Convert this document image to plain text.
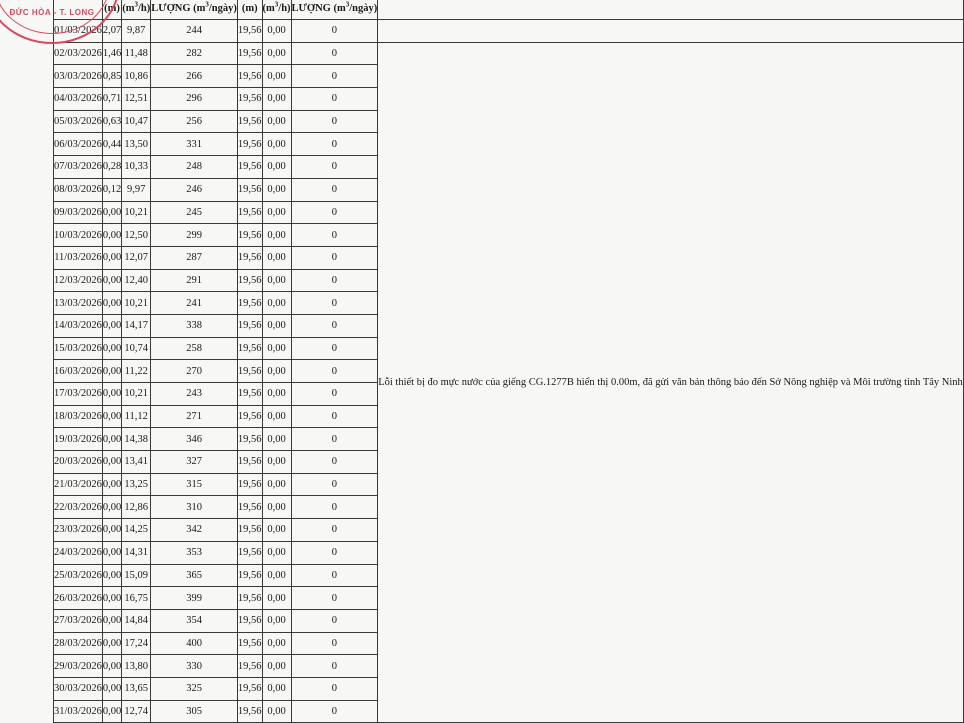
	(m)	$(m^3/h)$	LƯỢNG $(m^3/ngày)$	(m)	$(m^3/h)$	LƯỢNG $(m^3/ngày)$	
01/03/2026	2,07	9,87	244	19,56	0,00	0	
02/03/2026	1,46	11,48	282	19,56	0,00	0	Lỗi thiết bị đo mực nước của giếng CG.1277B hiển thị 0.00m, đã gửi văn bản thông báo đến Sở Nông nghiệp và Môi trường tỉnh Tây Ninh
03/03/2026	0,85	10,86	266	19,56	0,00	0	
04/03/2026	0,71	12,51	296	19,56	0,00	0	
05/03/2026	0,63	10,47	256	19,56	0,00	0	
06/03/2026	0,44	13,50	331	19,56	0,00	0	
07/03/2026	0,28	10,33	248	19,56	0,00	0	
08/03/2026	0,12	9,97	246	19,56	0,00	0	
09/03/2026	0,00	10,21	245	19,56	0,00	0	
10/03/2026	0,00	12,50	299	19,56	0,00	0	
11/03/2026	0,00	12,07	287	19,56	0,00	0	
12/03/2026	0,00	12,40	291	19,56	0,00	0	
13/03/2026	0,00	10,21	241	19,56	0,00	0	
14/03/2026	0,00	14,17	338	19,56	0,00	0	
15/03/2026	0,00	10,74	258	19,56	0,00	0	
16/03/2026	0,00	11,22	270	19,56	0,00	0	
17/03/2026	0,00	10,21	243	19,56	0,00	0	
18/03/2026	0,00	11,12	271	19,56	0,00	0	
19/03/2026	0,00	14,38	346	19,56	0,00	0	
20/03/2026	0,00	13,41	327	19,56	0,00	0	
21/03/2026	0,00	13,25	315	19,56	0,00	0	
22/03/2026	0,00	12,86	310	19,56	0,00	0	
23/03/2026	0,00	14,25	342	19,56	0,00	0	
24/03/2026	0,00	14,31	353	19,56	0,00	0	
25/03/2026	0,00	15,09	365	19,56	0,00	0	
26/03/2026	0,00	16,75	399	19,56	0,00	0	
27/03/2026	0,00	14,84	354	19,56	0,00	0	
28/03/2026	0,00	17,24	400	19,56	0,00	0	
29/03/2026	0,00	13,80	330	19,56	0,00	0	
30/03/2026	0,00	13,65	325	19,56	0,00	0	
31/03/2026	0,00	12,74	305	19,56	0,00	0	
ĐỨC HÒA - T. LONG
